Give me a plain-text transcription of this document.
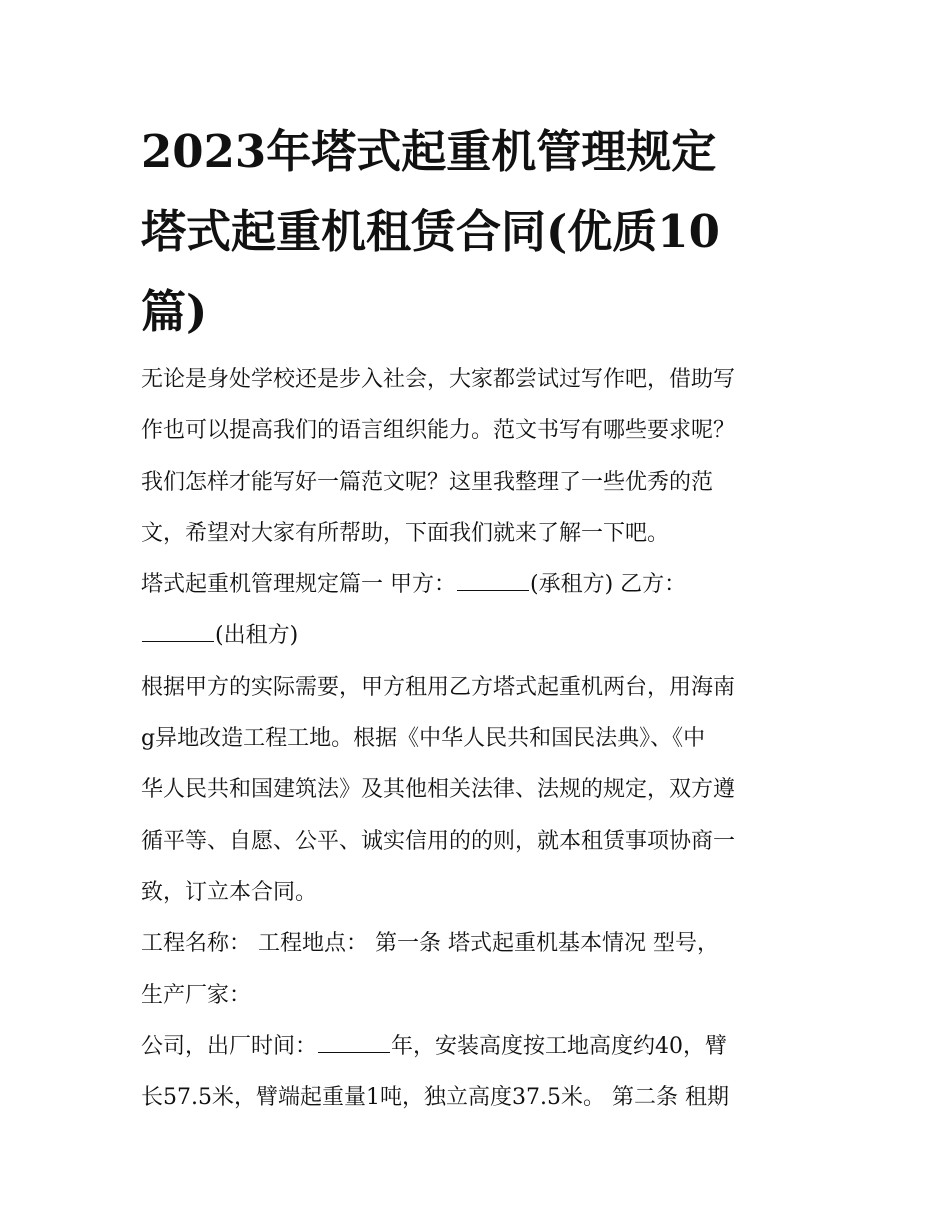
2023年塔式起重机管理规定
塔式起重机租赁合同(优质10
篇)
无论是身处学校还是步入社会，大家都尝试过写作吧，借助写
作也可以提高我们的语言组织能力。范文书写有哪些要求呢？
我们怎样才能写好一篇范文呢？这里我整理了一些优秀的范
文，希望对大家有所帮助，下面我们就来了解一下吧。
塔式起重机管理规定篇一 甲方：	(承租方) 乙方：
(出租方)
根据甲方的实际需要，甲方租用乙方塔式起重机两台，用海南
g异地改造工程工地。根据《中华人民共和国民法典》、《中
华人民共和国建筑法》及其他相关法律、法规的规定，双方遵
循平等、自愿、公平、诚实信用的的则，就本租赁事项协商一
致，订立本合同。
工程名称： 工程地点： 第一条 塔式起重机基本情况 型号，
生产厂家：
公司，出厂时间：	年，安装高度按工地高度约40，臂
长57.5米，臂端起重量1吨，独立高度37.5米。 第二条 租期
